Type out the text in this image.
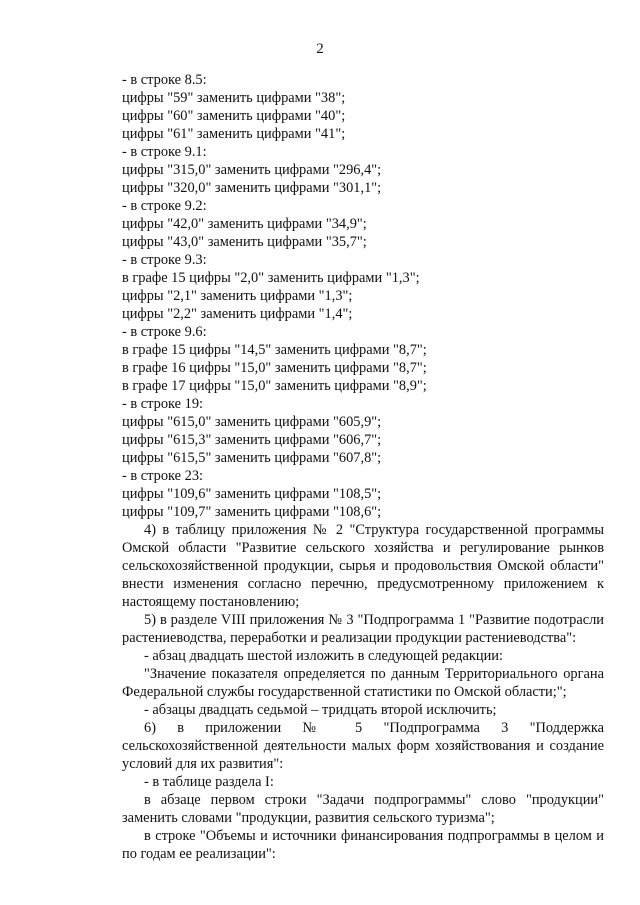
2
- в строке 8.5:
цифры "59" заменить цифрами "38";
цифры "60" заменить цифрами "40";
цифры "61" заменить цифрами "41";
- в строке 9.1:
цифры "315,0" заменить цифрами "296,4";
цифры "320,0" заменить цифрами "301,1";
- в строке 9.2:
цифры "42,0" заменить цифрами "34,9";
цифры "43,0" заменить цифрами "35,7";
- в строке 9.3:
в графе 15 цифры "2,0" заменить цифрами "1,3";
цифры "2,1" заменить цифрами "1,3";
цифры "2,2" заменить цифрами "1,4";
- в строке 9.6:
в графе 15 цифры "14,5" заменить цифрами "8,7";
в графе 16 цифры "15,0" заменить цифрами "8,7";
в графе 17 цифры "15,0" заменить цифрами "8,9";
- в строке 19:
цифры "615,0" заменить цифрами "605,9";
цифры "615,3" заменить цифрами "606,7";
цифры "615,5" заменить цифрами "607,8";
- в строке 23:
цифры "109,6" заменить цифрами "108,5";
цифры "109,7" заменить цифрами "108,6";
4) в таблицу приложения № 2 "Структура государственной программы
Омской области "Развитие сельского хозяйства и регулирование рынков сельскохозяйственной продукции, сырья и продовольствия Омской области" внести изменения согласно перечню, предусмотренному приложением к настоящему постановлению;
5) в разделе VIII приложения № 3 "Подпрограмма 1 "Развитие подотрасли
растениеводства, переработки и реализации продукции растениеводства":
- абзац двадцать шестой изложить в следующей редакции:
"Значение показателя определяется по данным Территориального органа
Федеральной службы государственной статистики по Омской области;";
- абзацы двадцать седьмой – тридцать второй исключить;
6) в приложении № 5 "Подпрограмма 3 "Поддержка
сельскохозяйственной деятельности малых форм хозяйствования и создание условий для их развития":
- в таблице раздела I:
в абзаце первом строки "Задачи подпрограммы" слово "продукции"
заменить словами "продукции, развития сельского туризма";
в строке "Объемы и источники финансирования подпрограммы в целом и
по годам ее реализации":
